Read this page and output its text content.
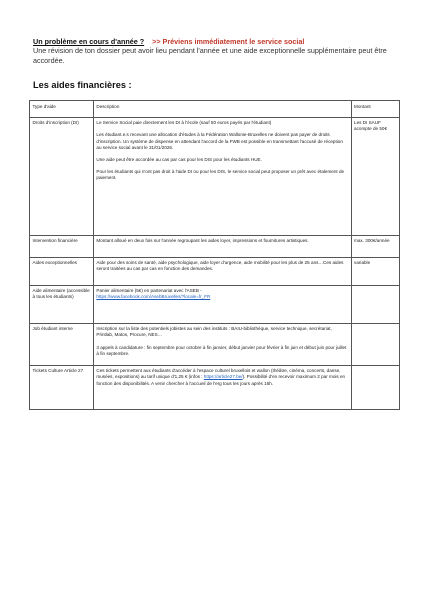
Un problème en cours d'année ? >> Préviens immédiatement le service social
Une révision de ton dossier peut avoir lieu pendant l'année et une aide exceptionnelle supplémentaire peut être accordée.
Les aides financières :
Type d'aide	Description	Montant
Droits d'inscription (DI)	Le Service Social paie directement les DI à l'école (sauf 50 euros payés par l'étudiant)

Les étudiant.e.s recevant une allocation d'études à la Fédération Wallonie-Bruxelles ne doivent pas payer de droits d'inscription. Un système de dispense en attendant l'accord de la FWB est possible en transmettant l'accusé de réception au service social avant le 31/01/2026.

Une aide peut être accordée au cas par cas pour les DIS pour les étudiants HUE.

Pour les étudiants qui n'ont pas droit à l'aide DI ou pour les DIS, le service social peut proposer un prêt avec étalement de paiement.	Les DI SAUF acompte de 50€
Intervention financière	Montant alloué en deux fois sur l'année regroupant les aides loyer, impressions et fournitures artistiques.	max. 300€/année
Aides exceptionnelles	Aide pour des soins de santé, aide psychologique, aide loyer d'urgence, aide mobilité pour les plus de 25 ans…Ces aides seront traitées au cas par cas en fonction des demandes.	variable
Aide alimentaire (accessible à tous les étudiants)	Panier alimentaire (5€) en partenariat avec l'ASEB -
https://www.facebook.com/AsebBruxelles/?locale=fr_FR	
Job étudiant interne	Inscription sur la liste des potentiels jobistes au sein des instituts : BAIU-bibliothèque, service technique, secrétariat, Printlab, Matos, Procure, NES…

3 appels à candidature : fin septembre pour octobre à fin janvier, début janvier pour février à fin juin et début juin pour juillet à fin septembre.	

Tickets Culture Article 27	Ces tickets permettent aux étudiants d'accéder à l'espace culturel bruxellois et wallon (théâtre, cinéma, concerts, danse, musées, expositions) au tarif unique d'1,25 € (infos : https://article27.be/). Possibilité d'en recevoir maximum 2 par mois en fonction des disponibilités. A venir chercher à l'accueil de l'erg tous les jours après 16h.	
